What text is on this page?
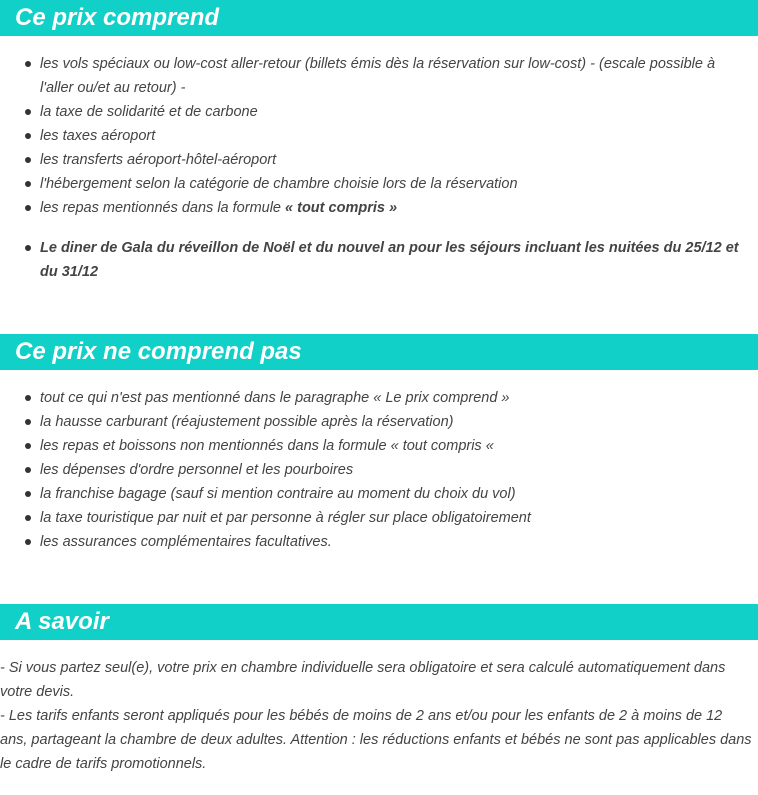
Ce prix comprend
les vols spéciaux ou low-cost aller-retour (billets émis dès la réservation sur low-cost) - (escale possible à l'aller ou/et au retour) -
la taxe de solidarité et de carbone
les taxes aéroport
les transferts aéroport-hôtel-aéroport
l'hébergement selon la catégorie de chambre choisie lors de la réservation
les repas mentionnés dans la formule « tout compris »
Le diner de Gala du réveillon de Noël et du nouvel an pour les séjours incluant les nuitées du 25/12 et du 31/12
Ce prix ne comprend pas
tout ce qui n'est pas mentionné dans le paragraphe « Le prix comprend »
la hausse carburant (réajustement possible après la réservation)
les repas et boissons non mentionnés dans la formule « tout compris «
les dépenses d'ordre personnel et les pourboires
la franchise bagage (sauf si mention contraire au moment du choix du vol)
la taxe touristique par nuit et par personne à régler sur place obligatoirement
les assurances complémentaires facultatives.
A savoir

- Si vous partez seul(e), votre prix en chambre individuelle sera obligatoire et sera calculé automatiquement dans votre devis.

- Les tarifs enfants seront appliqués pour les bébés de moins de 2 ans et/ou pour les enfants de 2 à moins de 12 ans, partageant la chambre de deux adultes. Attention : les réductions enfants et bébés ne sont pas applicables dans le cadre de tarifs promotionnels.
